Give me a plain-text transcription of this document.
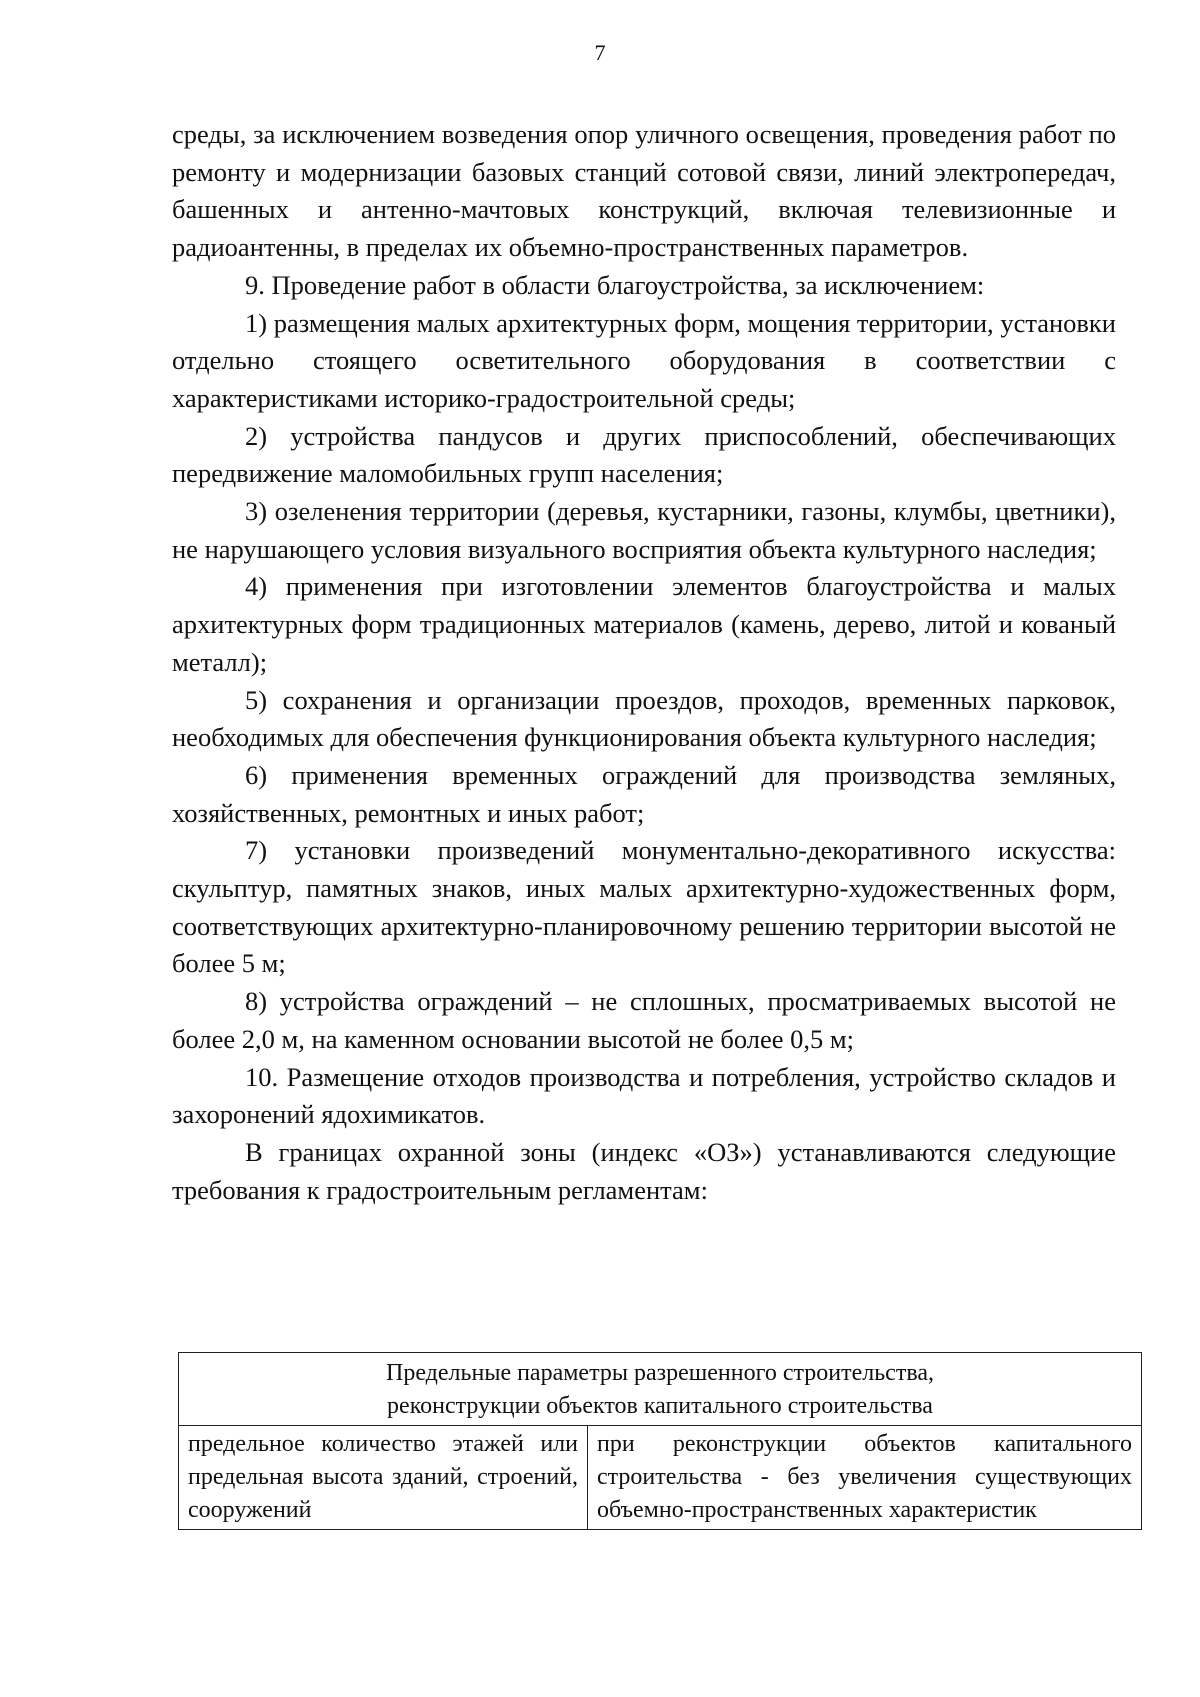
7

среды, за исключением возведения опор уличного освещения, проведения работ по ремонту и модернизации базовых станций сотовой связи, линий электропередач, башенных и антенно-мачтовых конструкций, включая телевизионные и радиоантенны, в пределах их объемно-пространственных параметров.

9. Проведение работ в области благоустройства, за исключением:

1) размещения малых архитектурных форм, мощения территории, установки отдельно стоящего осветительного оборудования в соответствии с характеристиками историко-градостроительной среды;

2) устройства пандусов и других приспособлений, обеспечивающих передвижение маломобильных групп населения;

3) озеленения территории (деревья, кустарники, газоны, клумбы, цветники), не нарушающего условия визуального восприятия объекта культурного наследия;

4) применения при изготовлении элементов благоустройства и малых архитектурных форм традиционных материалов (камень, дерево, литой и кованый металл);

5) сохранения и организации проездов, проходов, временных парковок, необходимых для обеспечения функционирования объекта культурного наследия;

6) применения временных ограждений для производства земляных, хозяйственных, ремонтных и иных работ;

7) установки произведений монументально-декоративного искусства: скульптур, памятных знаков, иных малых архитектурно-художественных форм, соответствующих архитектурно-планировочному решению территории высотой не более 5 м;

8) устройства ограждений – не сплошных, просматриваемых высотой не более 2,0 м, на каменном основании высотой не более 0,5 м;

10. Размещение отходов производства и потребления, устройство складов и захоронений ядохимикатов.

В границах охранной зоны (индекс «ОЗ») устанавливаются следующие требования к градостроительным регламентам:

Предельные параметры разрешенного строительства,
реконструкции объектов капитального строительства

предельное количество этажей или предельная высота зданий, строений, сооружений	при реконструкции объектов капитального строительства - без увеличения существующих объемно-пространственных характеристик
